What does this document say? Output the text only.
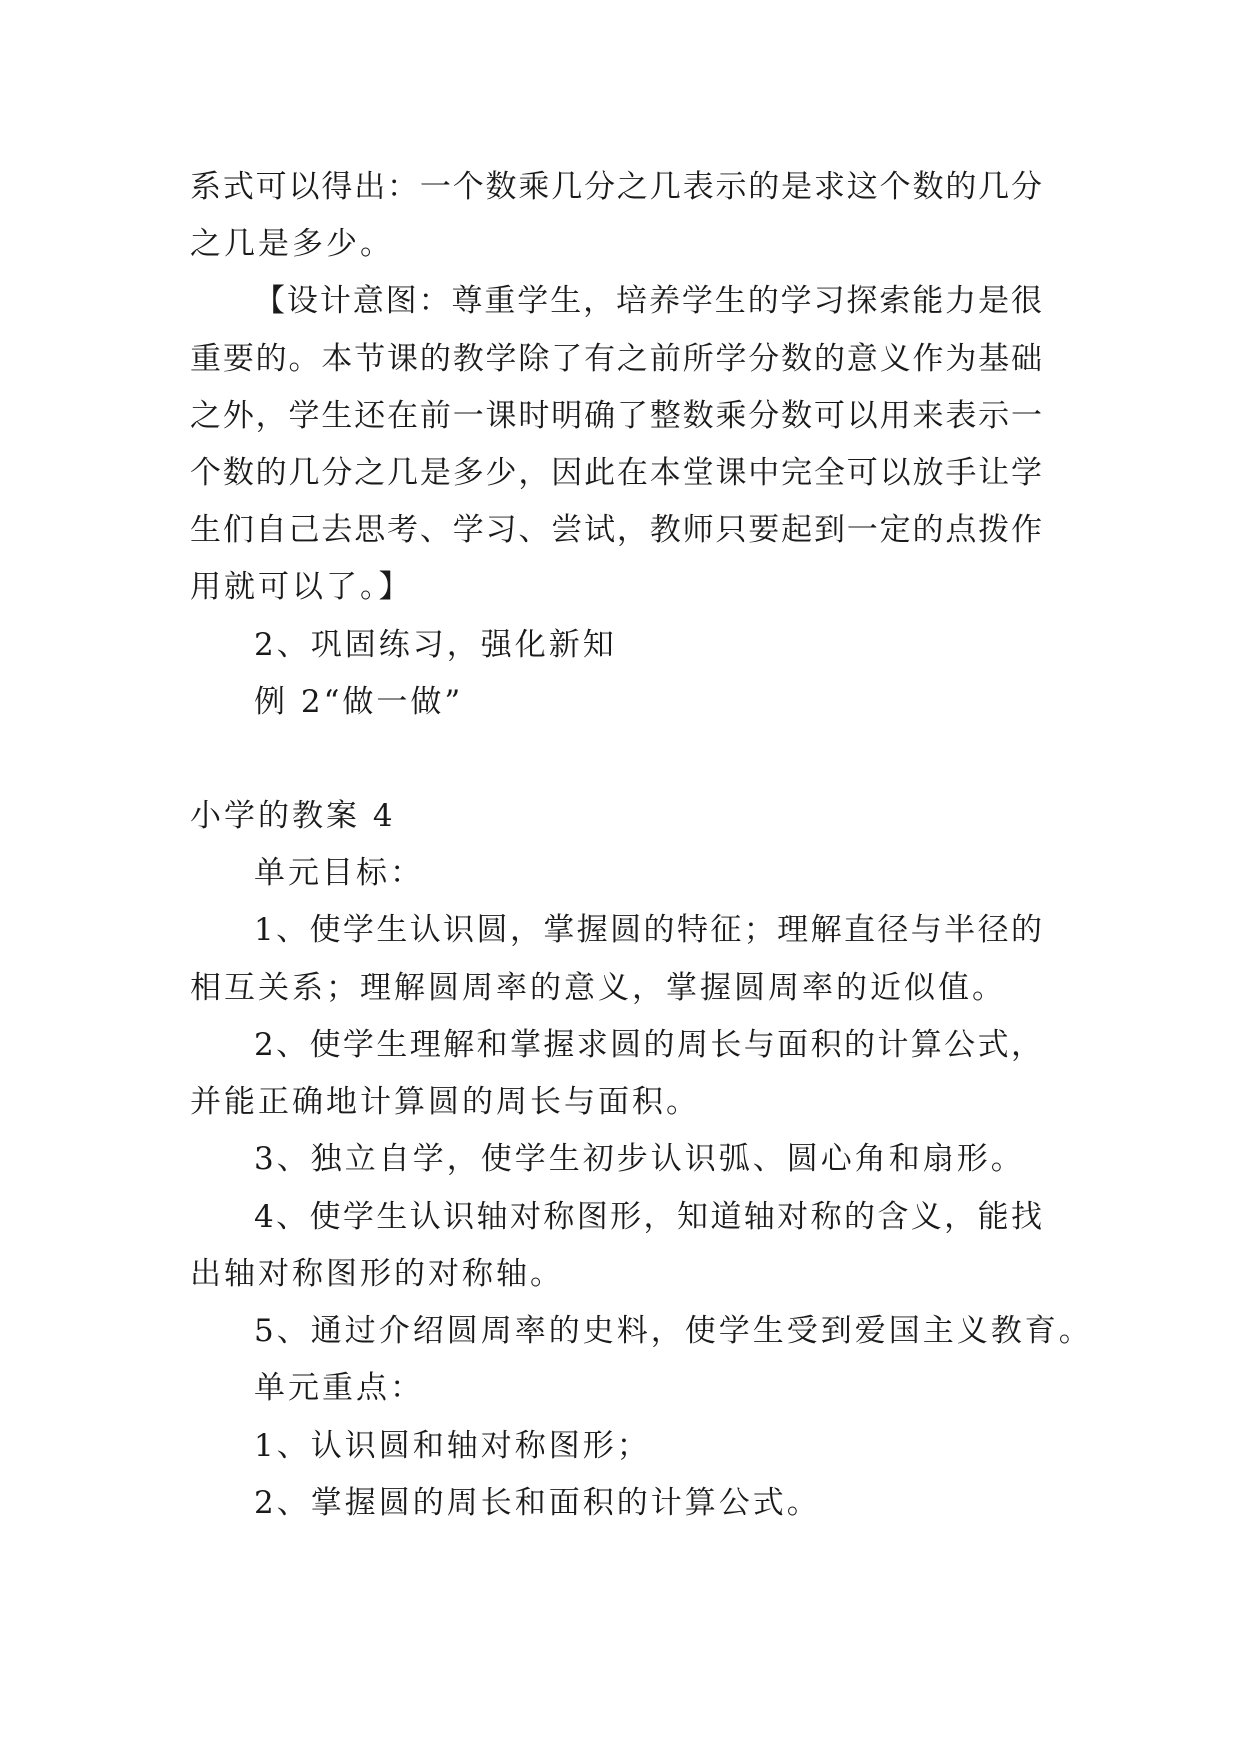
系式可以得出：一个数乘几分之几表示的是求这个数的几分
之几是多少。
【设计意图：尊重学生，培养学生的学习探索能力是很
重要的。本节课的教学除了有之前所学分数的意义作为基础
之外，学生还在前一课时明确了整数乘分数可以用来表示一
个数的几分之几是多少，因此在本堂课中完全可以放手让学
生们自己去思考、学习、尝试，教师只要起到一定的点拨作
用就可以了。】
2、巩固练习，强化新知
例 2“做一做”
小学的教案 4
单元目标：
1、使学生认识圆，掌握圆的特征；理解直径与半径的
相互关系；理解圆周率的意义，掌握圆周率的近似值。
2、使学生理解和掌握求圆的周长与面积的计算公式，
并能正确地计算圆的周长与面积。
3、独立自学，使学生初步认识弧、圆心角和扇形。
4、使学生认识轴对称图形，知道轴对称的含义，能找
出轴对称图形的对称轴。
5、通过介绍圆周率的史料，使学生受到爱国主义教育。
单元重点：
1、认识圆和轴对称图形；
2、掌握圆的周长和面积的计算公式。
